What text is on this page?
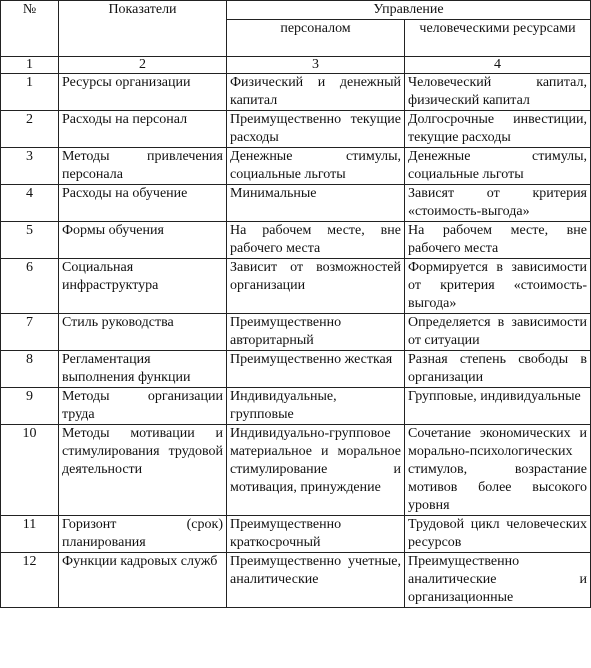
№	Показатели	Управление	
		персоналом	человеческими ресурсами
1	2	3	4
1	Ресурсы организации	Физический и денежный капитал	Человеческий капитал, физический капитал
2	Расходы на персонал	Преимущественно текущие расходы	Долгосрочные инвестиции, текущие расходы
3	Методы привлечения персонала	Денежные стимулы, социальные льготы	Денежные стимулы, социальные льготы
4	Расходы на обучение	Минимальные	Зависят от критерия «стоимость-выгода»
5	Формы обучения	На рабочем месте, вне рабочего места	На рабочем месте, вне рабочего места
6	Социальная инфраструктура	Зависит от возможностей организации	Формируется в зависимости от критерия «стоимость-выгода»
7	Стиль руководства	Преимущественно авторитарный	Определяется в зависимости от ситуации
8	Регламентация выполнения функции	Преимущественно жесткая	Разная степень свободы в организации
9	Методы организации труда	Индивидуальные, групповые	Групповые, индивидуальные
10	Методы мотивации и стимулирования трудовой деятельности	Индивидуально-групповое материальное и моральное стимулирование и мотивация, принуждение	Сочетание экономических и морально-психологических стимулов, возрастание мотивов более высокого уровня
11	Горизонт (срок) планирования	Преимущественно краткосрочный	Трудовой цикл человеческих ресурсов
12	Функции кадровых служб	Преимущественно учетные, аналитические	Преимущественно аналитические и организационные
